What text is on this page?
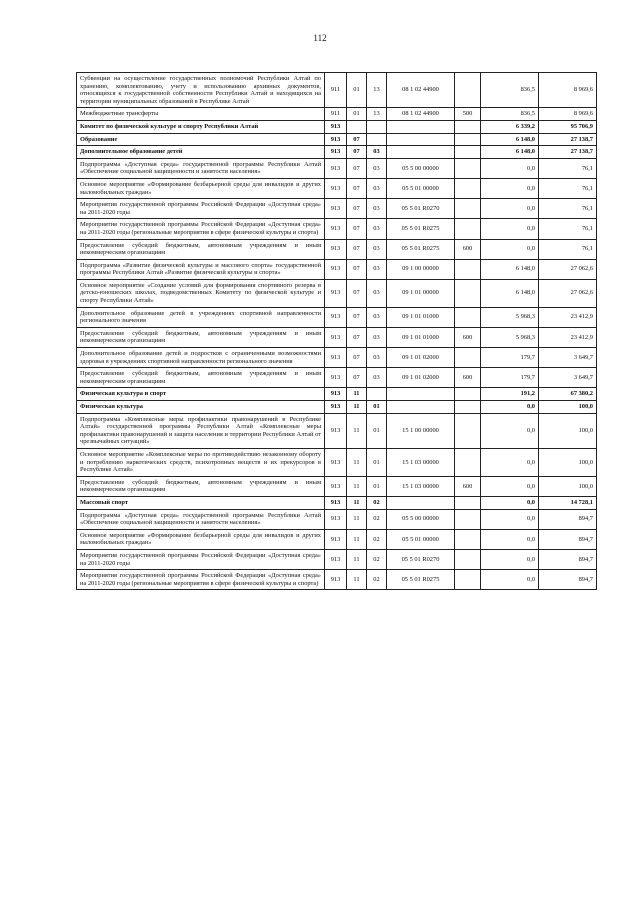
112
Субвенции на осуществление государственных полномочий Республики Алтай по хранению, комплектованию, учету и использованию архивных документов, относящихся к государственной собственности Республики Алтай и находящихся на территории муниципальных образований в Республике Алтай	911	01	13	08 1 02 44900		836,5	8 969,6
Межбюджетные трансферты	911	01	13	08 1 02 44900	500	836,5	8 969,6
Комитет по физической культуре и спорту Республики Алтай	913					6 339,2	95 706,9
Образование	913	07				6 148,0	27 138,7
Дополнительное образование детей	913	07	03			6 148,0	27 138,7
Подпрограмма «Доступная среда» государственной программы Республики Алтай «Обеспечение социальной защищенности и занятости населения»	913	07	03	05 5 00 00000		0,0	76,1
Основное мероприятие «Формирование безбарьерной среды для инвалидов и других маломобильных граждан»	913	07	03	05 5 01 00000		0,0	76,1
Мероприятия государственной программы Российской Федерации «Доступная среда» на 2011-2020 годы	913	07	03	05 5 01 R0270		0,0	76,1
Мероприятия государственной программы Российской Федерации «Доступная среда» на 2011-2020 годы (региональные мероприятия в сфере физической культуры и спорта)	913	07	03	05 5 01 R0275		0,0	76,1
Предоставление субсидий бюджетным, автономным учреждениям и иным некоммерческим организациям	913	07	03	05 5 01 R0275	600	0,0	76,1
Подпрограмма «Развитие физической культуры и массового спорта» государственной программы Республики Алтай «Развитие физической культуры и спорта»	913	07	03	09 1 00 00000		6 148,0	27 062,6
Основное мероприятие «Создание условий для формирования спортивного резерва в детско-юношеских школах, подведомственных Комитету по физической культуре и спорту Республики Алтай»	913	07	03	09 1 01 00000		6 148,0	27 062,6
Дополнительное образование детей в учреждениях спортивной направленности регионального значения	913	07	03	09 1 01 01000		5 968,3	23 412,9
Предоставление субсидий бюджетным, автономным учреждениям и иным некоммерческим организациям	913	07	03	09 1 01 01000	600	5 968,3	23 412,9
Дополнительное образование детей и подростков с ограниченными возможностями здоровья в учреждениях спортивной направленности регионального значения	913	07	03	09 1 01 02000		179,7	3 649,7
Предоставление субсидий бюджетным, автономным учреждениям и иным некоммерческим организациям	913	07	03	09 1 01 02000	600	179,7	3 649,7
Физическая культура и спорт	913	11				191,2	67 380,2
Физическая культура	913	11	01			0,0	100,0
Подпрограмма «Комплексные меры профилактики правонарушений в Республике Алтай» государственной программы Республики Алтай «Комплексные меры профилактики правонарушений и защита населения и территории Республики Алтай от чрезвычайных ситуаций»	913	11	01	15 1 00 00000		0,0	100,0
Основное мероприятие «Комплексные меры по противодействию незаконному обороту и потреблению наркотических средств, психотропных веществ и их прекурсоров в Республике Алтай»	913	11	01	15 1 03 00000		0,0	100,0
Предоставление субсидий бюджетным, автономным учреждениям и иным некоммерческим организациям	913	11	01	15 1 03 00000	600	0,0	100,0
Массовый спорт	913	11	02			0,0	14 728,1
Подпрограмма «Доступная среда» государственной программы Республики Алтай «Обеспечение социальной защищенности и занятости населения»	913	11	02	05 5 00 00000		0,0	894,7
Основное мероприятие «Формирование безбарьерной среды для инвалидов и других маломобильных граждан»	913	11	02	05 5 01 00000		0,0	894,7
Мероприятия государственной программы Российской Федерации «Доступная среда» на 2011-2020 годы	913	11	02	05 5 01 R0270		0,0	894,7
Мероприятия государственной программы Российской Федерации «Доступная среда» на 2011-2020 годы (региональные мероприятия в сфере физической культуры и спорта)	913	11	02	05 5 01 R0275		0,0	894,7
